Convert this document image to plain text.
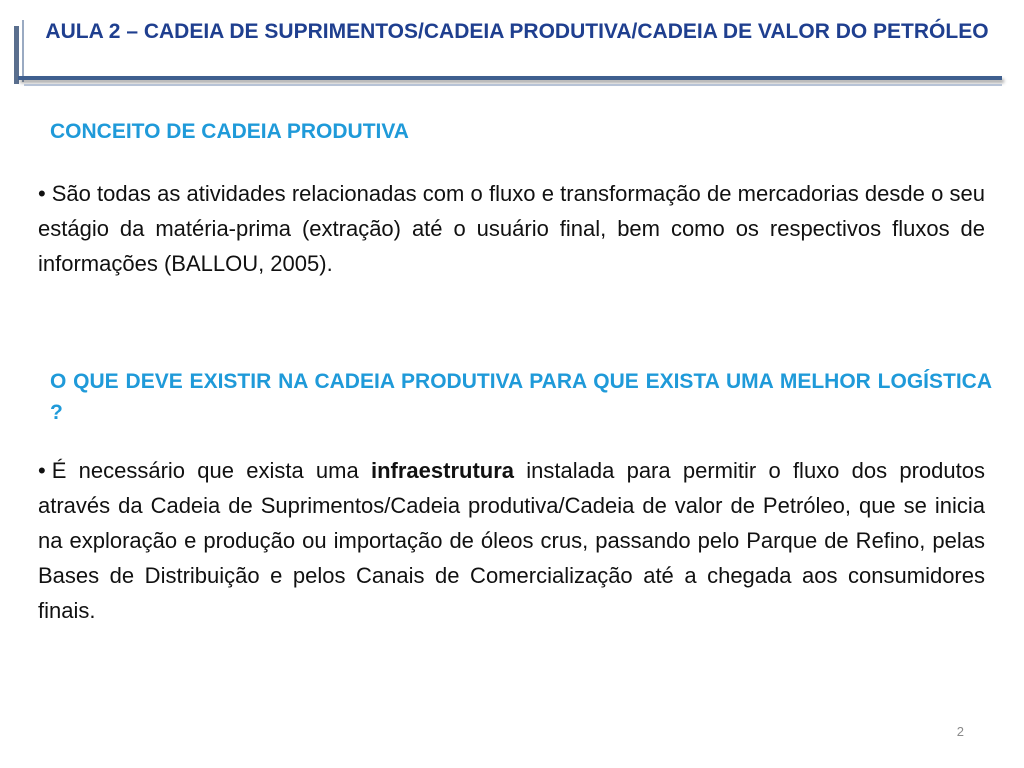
AULA 2 – CADEIA DE SUPRIMENTOS/CADEIA PRODUTIVA/CADEIA DE VALOR DO PETRÓLEO
CONCEITO DE CADEIA PRODUTIVA
• São todas as atividades relacionadas com o fluxo e transformação de mercadorias desde o seu estágio da matéria-prima (extração) até o usuário final, bem como os respectivos fluxos de informações (BALLOU, 2005).
O QUE DEVE EXISTIR NA CADEIA PRODUTIVA PARA QUE EXISTA UMA MELHOR LOGÍSTICA ?
• É necessário que exista uma infraestrutura instalada para permitir o fluxo dos produtos através da Cadeia de Suprimentos/Cadeia produtiva/Cadeia de valor de Petróleo, que se inicia na exploração e produção ou importação de óleos crus, passando pelo Parque de Refino, pelas Bases de Distribuição e pelos Canais de Comercialização até a chegada aos consumidores finais.
2
